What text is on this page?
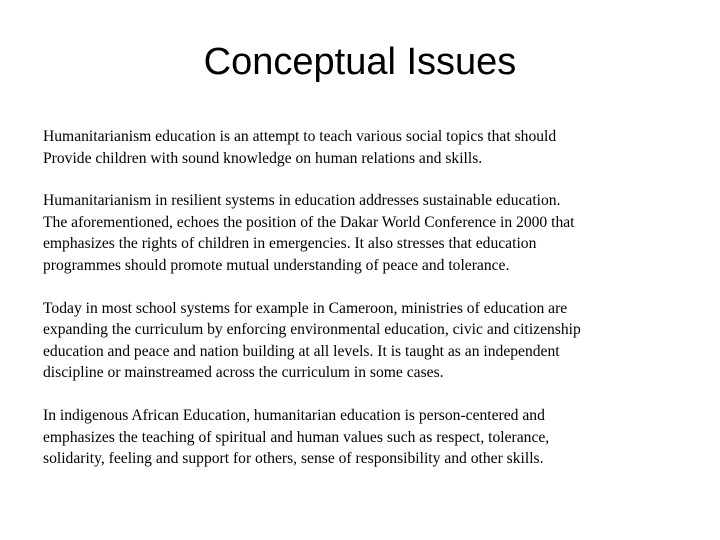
Conceptual Issues

Humanitarianism education is an attempt to teach various social topics that should
Provide children with sound knowledge on human relations and skills.

Humanitarianism in resilient systems in education addresses sustainable education.
The aforementioned, echoes the position of the Dakar World Conference in 2000 that
emphasizes the rights of children in emergencies. It also stresses that education
programmes should promote mutual understanding of peace and tolerance.

Today in most school systems for example in Cameroon, ministries of education are
expanding the curriculum by enforcing environmental education, civic and citizenship
education and peace and nation building at all levels. It is taught as an independent
discipline or mainstreamed across the curriculum in some cases.

In indigenous African Education, humanitarian education is person-centered and
emphasizes the teaching of spiritual and human values such as respect, tolerance,
solidarity, feeling and support for others, sense of responsibility and other skills.
